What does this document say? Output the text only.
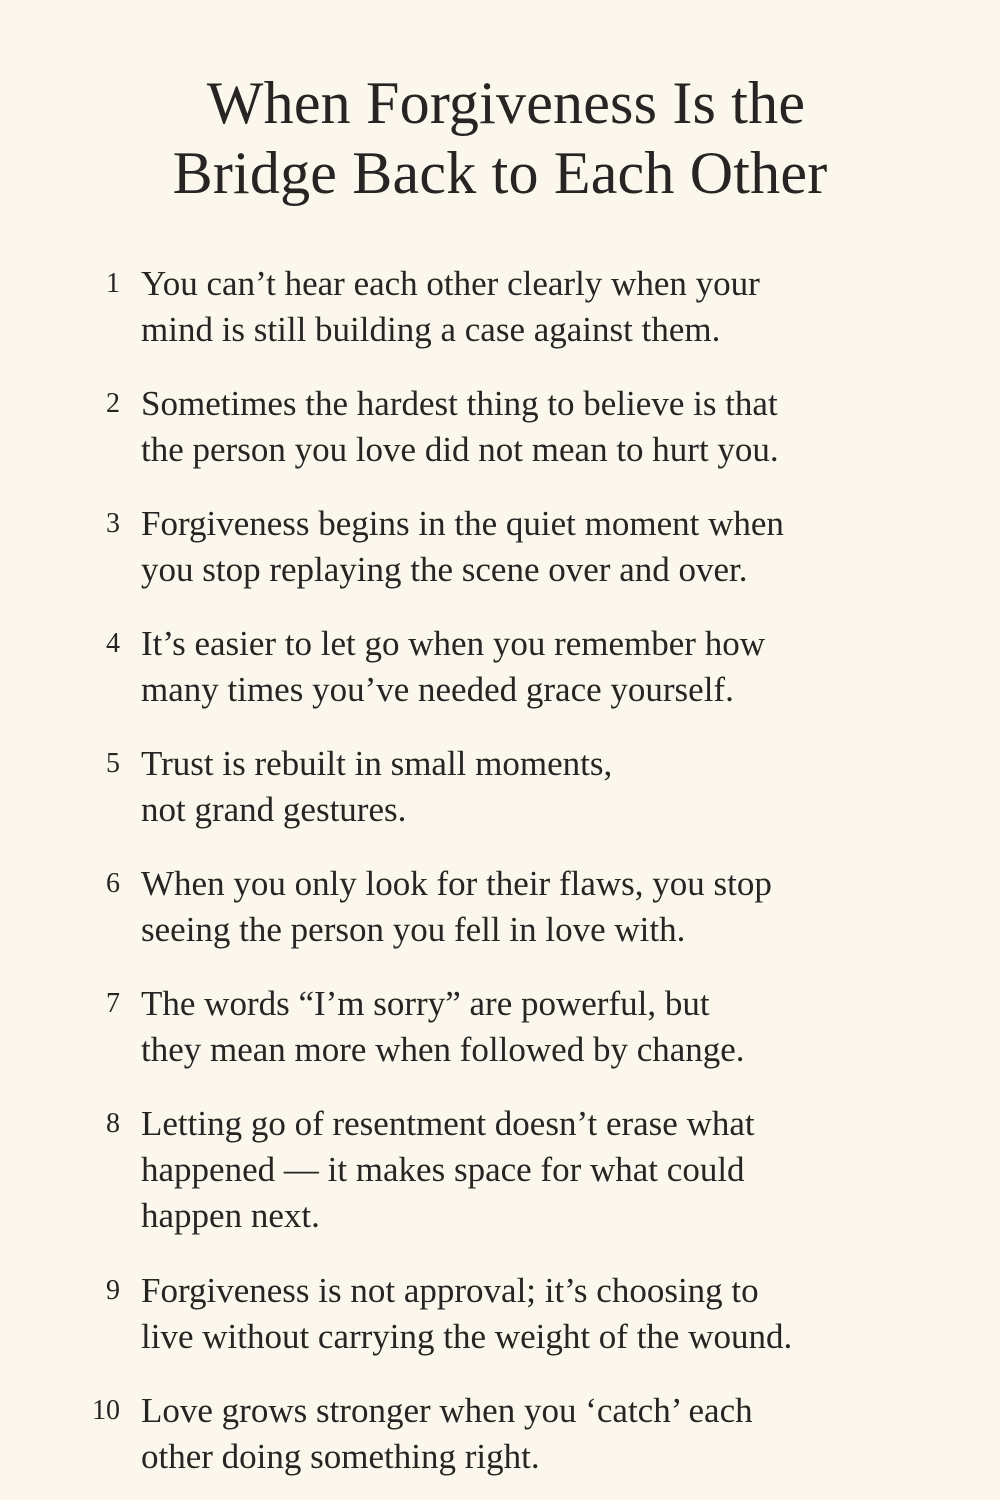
When Forgiveness Is the
Bridge Back to Each Other
1 You can’t hear each other clearly when your
mind is still building a case against them.
2 Sometimes the hardest thing to believe is that
the person you love did not mean to hurt you.
3 Forgiveness begins in the quiet moment when
you stop replaying the scene over and over.
4 It’s easier to let go when you remember how
many times you’ve needed grace yourself.
5 Trust is rebuilt in small moments,
not grand gestures.
6 When you only look for their flaws, you stop
seeing the person you fell in love with.
7 The words “I’m sorry” are powerful, but
they mean more when followed by change.
8 Letting go of resentment doesn’t erase what
happened — it makes space for what could
happen next.
9 Forgiveness is not approval; it’s choosing to
live without carrying the weight of the wound.
10 Love grows stronger when you ‘catch’ each
other doing something right.
